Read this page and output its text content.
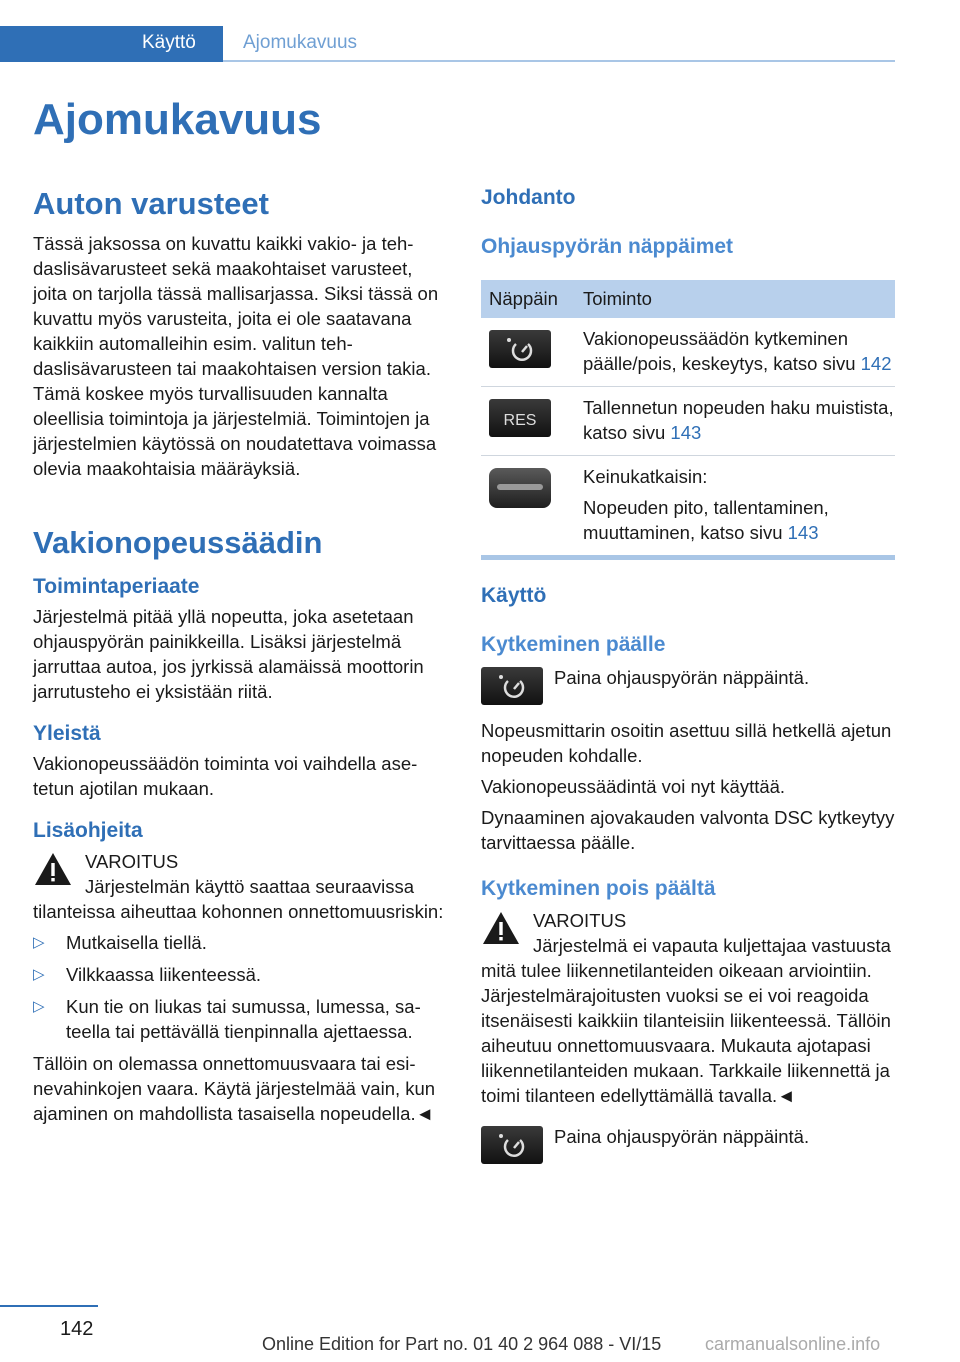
Käyttö Ajomukavuus
Ajomukavuus
Auton varusteet

Tässä jaksossa on kuvattu kaikki vakio- ja tehdaslisävarusteet sekä maakohtaiset varusteet, joita on tarjolla tässä mallisarjassa. Siksi tässä on kuvattu myös varusteita, joita ei ole saatavana kaikkiin automalleihin esim. valitun tehdaslisävarusteen tai maakohtaisen version takia. Tämä koskee myös turvallisuuden kannalta oleellisia toimintoja ja järjestelmiä. Toimintojen ja järjestelmien käytössä on noudatettava voimassa olevia maakohtaisia määräyksiä.

Vakionopeussäädin
Toimintaperiaate

Järjestelmä pitää yllä nopeutta, joka asetetaan ohjauspyörän painikkeilla. Lisäksi järjestelmä jarruttaa autoa, jos jyrkissä alamäissä moottorin jarrutusteho ei yksistään riitä.

Yleistä

Vakionopeussäädön toiminta voi vaihdella asetetun ajotilan mukaan.

Lisäohjeita
VAROITUS

Järjestelmän käyttö saattaa seuraavissa tilanteissa aiheuttaa kohonnen onnettomuusriskin:

▷ Mutkaisella tiellä.
▷ Vilkkaassa liikenteessä.
▷ Kun tie on liukas tai sumussa, lumessa, sateella tai pettävällä tienpinnalla ajettaessa.

Tällöin on olemassa onnettomuusvaara tai esinevahinkojen vaara. Käytä järjestelmää vain, kun ajaminen on mahdollista tasaisella nopeudella.◄

Johdanto
Ohjauspyörän näppäimet
Näppäin	Toiminto

	Vakionopeussäädön kytkeminen päälle/pois, keskeytys, katso sivu 142

RES	Tallennetun nopeuden haku muistista, katso sivu 143

Keinukatkaisin:
Nopeuden pito, tallentaminen, muuttaminen, katso sivu 143
Käyttö
Kytkeminen päälle

Paina ohjauspyörän näppäintä.

Nopeusmittarin osoitin asettuu sillä hetkellä ajetun nopeuden kohdalle.

Vakionopeussäädintä voi nyt käyttää.

Dynaaminen ajovakauden valvonta DSC kytkeytyy tarvittaessa päälle.

Kytkeminen pois päältä
VAROITUS

Järjestelmä ei vapauta kuljettajaa vastuusta mitä tulee liikennetilanteiden oikeaan arviointiin. Järjestelmärajoitusten vuoksi se ei voi reagoida itsenäisesti kaikkiin tilanteisiin liikenteessä. Tällöin aiheutuu onnettomuusvaara. Mukauta ajotapasi liikennetilanteiden mukaan. Tarkkaile liikennettä ja toimi tilanteen edellyttämällä tavalla.◄

Paina ohjauspyörän näppäintä.

142
Online Edition for Part no. 01 40 2 964 088 - VI/15 carmanualsonline.info
